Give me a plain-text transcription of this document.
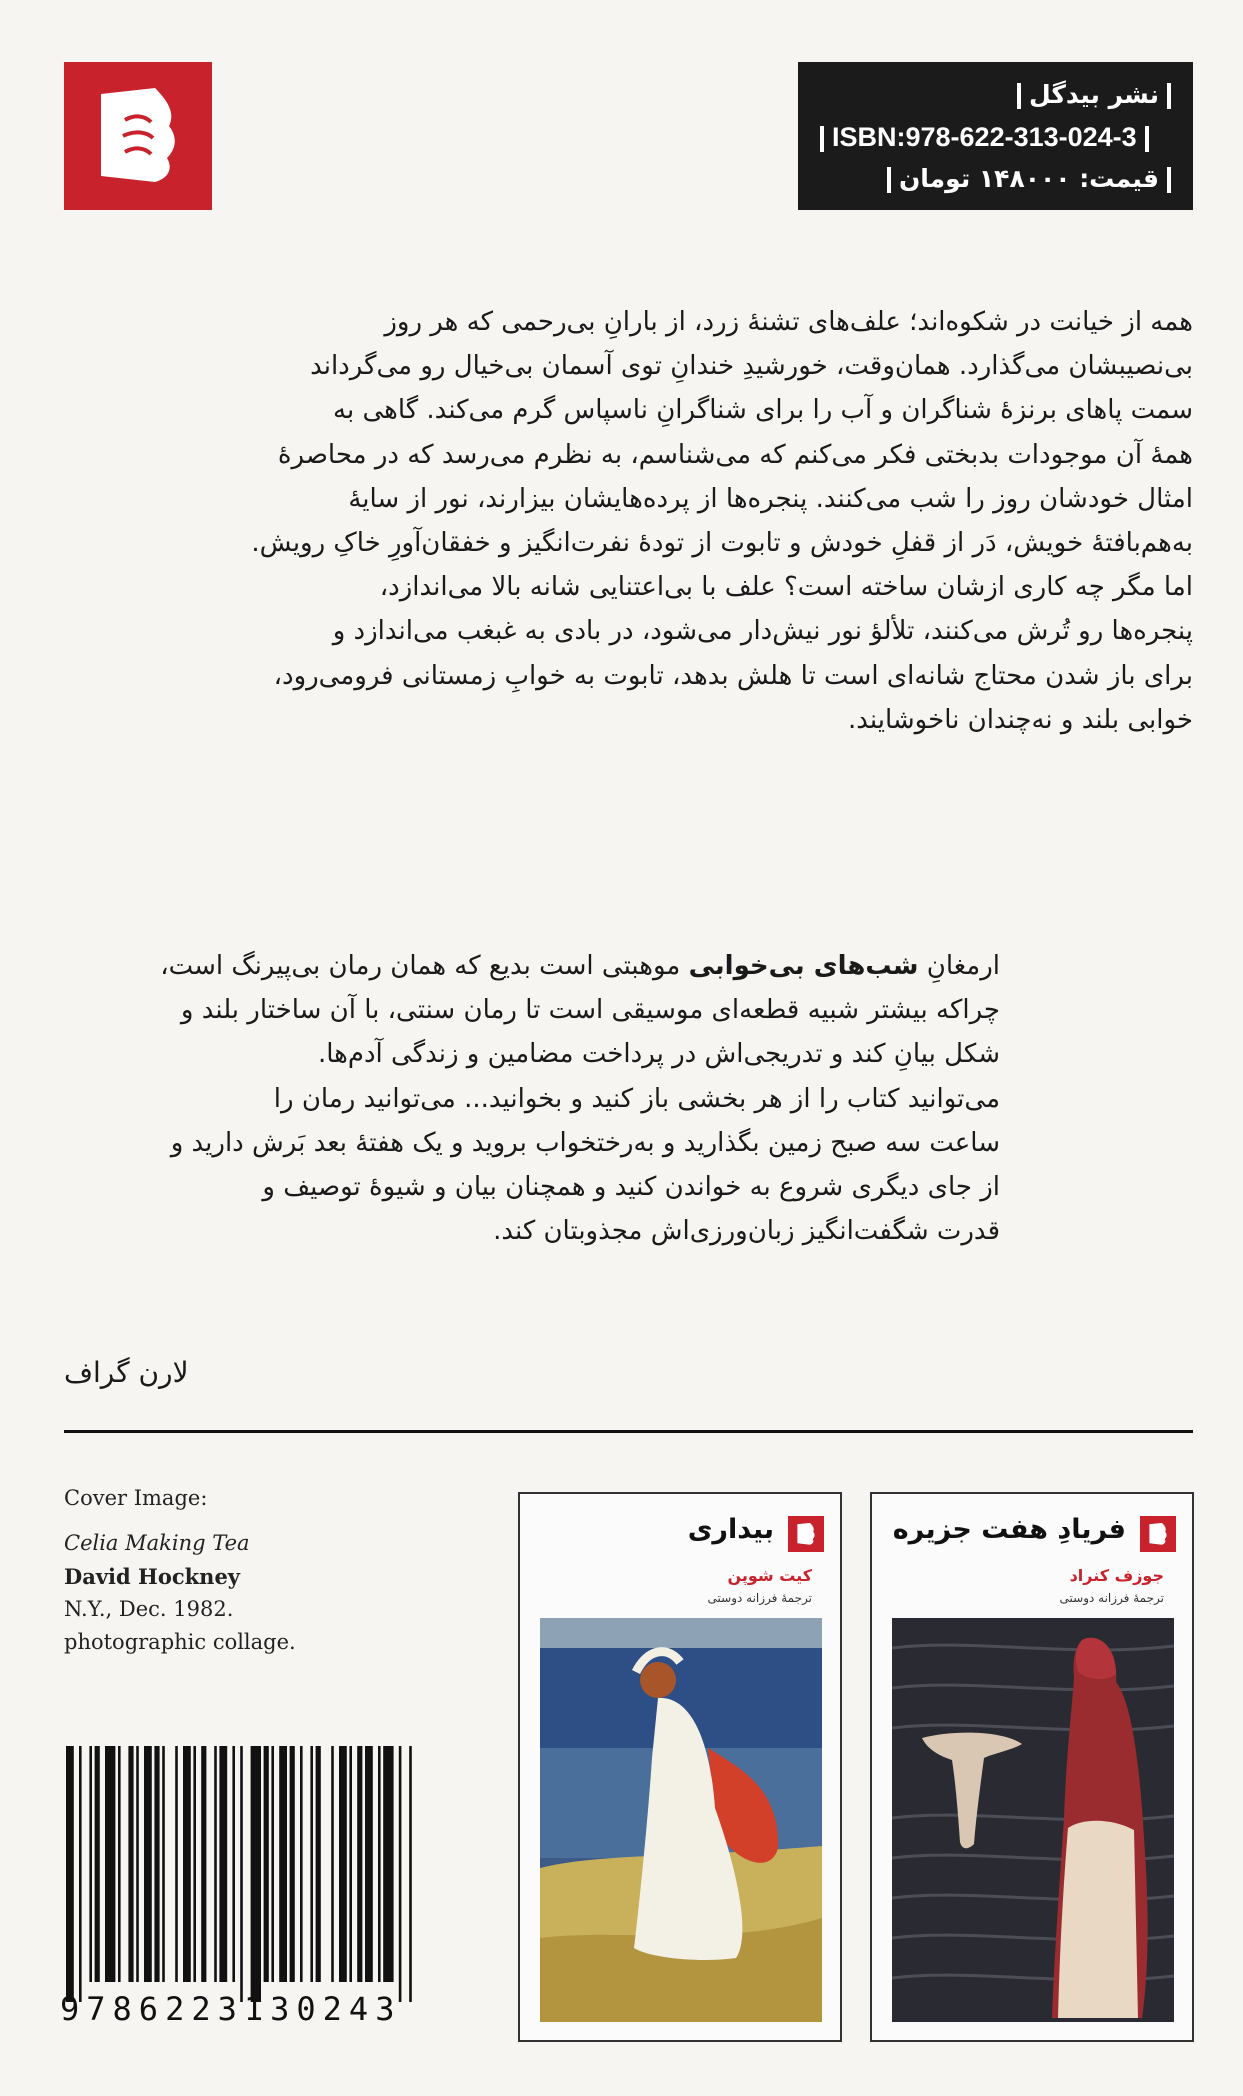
نشر بیدگل
ISBN:978-622-313-024-3
قیمت: ۱۴۸۰۰۰ تومان

همه از خیانت در شکوه‌اند؛ علف‌های تشنهٔ زرد، از بارانِ بی‌رحمی که هر روز

بی‌نصیبشان می‌گذارد. همان‌وقت، خورشیدِ خندانِ توی آسمان بی‌خیال رو می‌گرداند

سمت پاهای برنزهٔ شناگران و آب را برای شناگرانِ ناسپاس گرم می‌کند. گاهی به

همهٔ آن موجودات بدبختی فکر می‌کنم که می‌شناسم، به نظرم می‌رسد که در محاصرهٔ

امثال خودشان روز را شب می‌کنند. پنجره‌ها از پرده‌هایشان بیزارند، نور از سایهٔ

به‌هم‌بافتهٔ خویش، دَر از قفلِ خودش و تابوت از تودهٔ نفرت‌انگیز و خفقان‌آورِ خاکِ رویش.

اما مگر چه کاری ازشان ساخته است؟ علف با بی‌اعتنایی شانه بالا می‌اندازد،

پنجره‌ها رو تُرش می‌کنند، تلألؤ نور نیش‌دار می‌شود، در بادی به غبغب می‌اندازد و

برای باز شدن محتاج شانه‌ای است تا هلش بدهد، تابوت به خوابِ زمستانی فرومی‌رود،

خوابی بلند و نه‌چندان ناخوشایند.

ارمغانِ شب‌های بی‌خوابی موهبتی است بدیع که همان رمان بی‌پیرنگ است،

چراکه بیشتر شبیه قطعه‌ای موسیقی است تا رمان سنتی، با آن ساختار بلند و

شکل بیانِ کند و تدریجی‌اش در پرداخت مضامین و زندگی آدم‌ها.

می‌توانید کتاب را از هر بخشی باز کنید و بخوانید... می‌توانید رمان را

ساعت سه صبح زمین بگذارید و به‌رختخواب بروید و یک هفتهٔ بعد بَرش دارید و

از جای دیگری شروع به خواندن کنید و همچنان بیان و شیوهٔ توصیف و

قدرت شگفت‌انگیز زبان‌ورزی‌اش مجذوبتان کند.

لارن گراف
Cover Image:
Celia Making Tea
David Hockney
N.Y., Dec. 1982.
photographic collage.
9786223130243
بیداری
کیت شوپن
ترجمهٔ فرزانه دوستی
فریادِ هفت جزیره
جوزف کنراد
ترجمهٔ فرزانه دوستی
